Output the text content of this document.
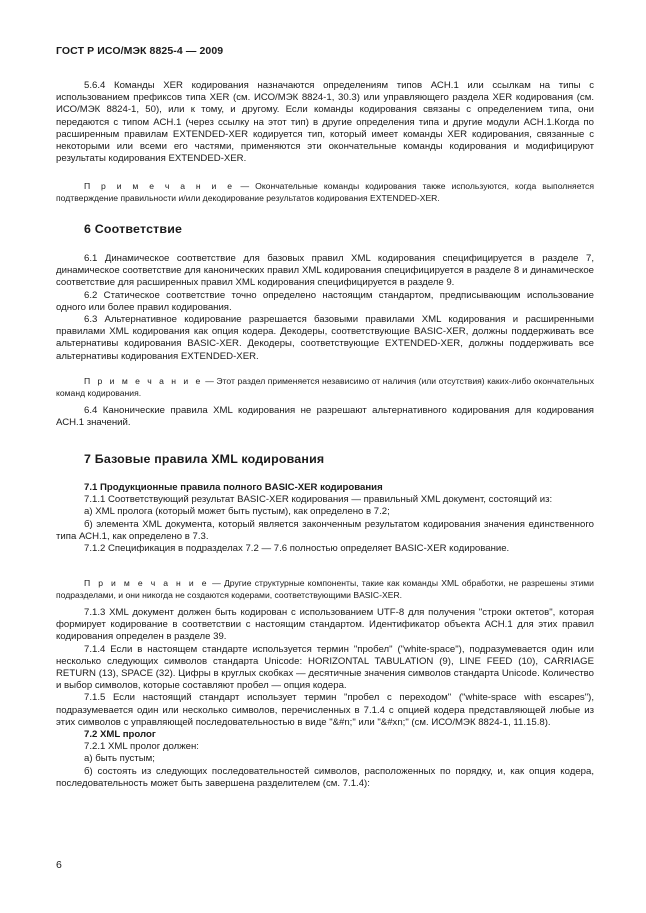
ГОСТ Р ИСО/МЭК 8825-4 — 2009

5.6.4 Команды XER кодирования назначаются определениям типов АСН.1 или ссылкам на типы с использованием префиксов типа XER (см. ИСО/МЭК 8824-1, 30.3) или управляющего раздела XER кодирования (см. ИСО/МЭК 8824-1, 50), или к тому, и другому. Если команды кодирования связаны с определением типа, они передаются с типом АСН.1 (через ссылку на этот тип) в другие определения типа и другие модули АСН.1.Когда по расширенным правилам EXTENDED-XER кодируется тип, который имеет команды XER кодирования, связанные с некоторыми или всеми его частями, применяются эти окончательные команды кодирования и модифицируют результаты кодирования EXTENDED-XER.

П р и м е ч а н и е — Окончательные команды кодирования также используются, когда выполняется подтверждение правильности и/или декодирование результатов кодирования EXTENDED-XER.

6 Соответствие

6.1 Динамическое соответствие для базовых правил XML кодирования специфицируется в разделе 7, динамическое соответствие для канонических правил XML кодирования специфицируется в разделе 8 и динамическое соответствие для расширенных правил XML кодирования специфицируется в разделе 9.

6.2 Статическое соответствие точно определено настоящим стандартом, предписывающим использование одного или более правил кодирования.

6.3 Альтернативное кодирование разрешается базовыми правилами XML кодирования и расширенными правилами XML кодирования как опция кодера. Декодеры, соответствующие BASIC-XER, должны поддерживать все альтернативы кодирования BASIC-XER. Декодеры, соответствующие EXTENDED-XER, должны поддерживать все альтернативы кодирования EXTENDED-XER.

П р и м е ч а н и е — Этот раздел применяется независимо от наличия (или отсутствия) каких-либо окончательных команд кодирования.

6.4 Канонические правила XML кодирования не разрешают альтернативного кодирования для кодирования АСН.1 значений.

7 Базовые правила XML кодирования

7.1 Продукционные правила полного BASIC-XER кодирования

7.1.1 Соответствующий результат BASIC-XER кодирования — правильный XML документ, состоящий из:

а) XML пролога (который может быть пустым), как определено в 7.2;

б) элемента XML документа, который является законченным результатом кодирования значения единственного типа АСН.1, как определено в 7.3.

7.1.2 Спецификация в подразделах 7.2 — 7.6 полностью определяет BASIC-XER кодирование.

П р и м е ч а н и е — Другие структурные компоненты, такие как команды XML обработки, не разрешены этими подразделами, и они никогда не создаются кодерами, соответствующими BASIC-XER.

7.1.3 XML документ должен быть кодирован с использованием UTF-8 для получения "строки октетов", которая формирует кодирование в соответствии с настоящим стандартом. Идентификатор объекта АСН.1 для этих правил кодирования определен в разделе 39.

7.1.4 Если в настоящем стандарте используется термин "пробел" ("white-space"), подразумевается один или несколько следующих символов стандарта Unicode: HORIZONTAL TABULATION (9), LINE FEED (10), CARRIAGE RETURN (13), SPACE (32). Цифры в круглых скобках — десятичные значения символов стандарта Unicode. Количество и выбор символов, которые составляют пробел — опция кодера.

7.1.5 Если настоящий стандарт использует термин "пробел с переходом" ("white-space with escapes"), подразумевается один или несколько символов, перечисленных в 7.1.4 с опцией кодера представляющей любые из этих символов с управляющей последовательностью в виде "&#n;" или "&#xn;" (см. ИСО/МЭК 8824-1, 11.15.8).

7.2 XML пролог

7.2.1 XML пролог должен:

а) быть пустым;

б) состоять из следующих последовательностей символов, расположенных по порядку, и, как опция кодера, последовательность может быть завершена разделителем (см. 7.1.4):

6
